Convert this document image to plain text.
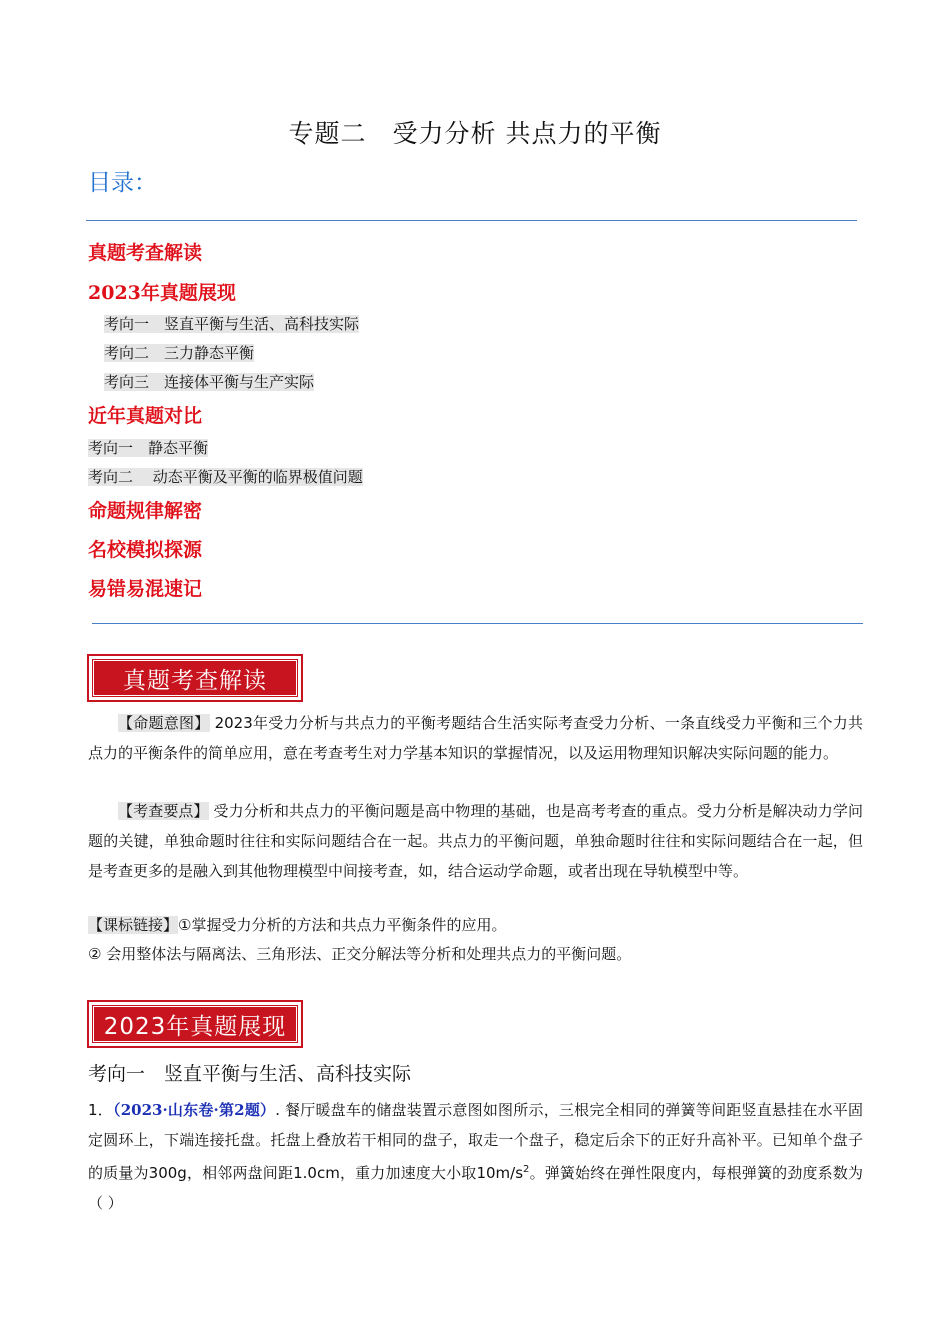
专题二　受力分析 共点力的平衡
目录：
真题考查解读
2023年真题展现
考向一　竖直平衡与生活、高科技实际
考向二　三力静态平衡
考向三　连接体平衡与生产实际
近年真题对比
考向一　静态平衡
考向二　 动态平衡及平衡的临界极值问题
命题规律解密
名校模拟探源
易错易混速记
真题考查解读
【命题意图】 2023年受力分析与共点力的平衡考题结合生活实际考查受力分析、一条直线受力平衡和三个力共点力的平衡条件的简单应用，意在考查考生对力学基本知识的掌握情况，以及运用物理知识解决实际问题的能力。
【考查要点】 受力分析和共点力的平衡问题是高中物理的基础，也是高考考查的重点。受力分析是解决动力学问题的关键，单独命题时往往和实际问题结合在一起。共点力的平衡问题，单独命题时往往和实际问题结合在一起，但是考查更多的是融入到其他物理模型中间接考查，如，结合运动学命题，或者出现在导轨模型中等。
【课标链接】①掌握受力分析的方法和共点力平衡条件的应用。
② 会用整体法与隔离法、三角形法、正交分解法等分析和处理共点力的平衡问题。
2023年真题展现
考向一　竖直平衡与生活、高科技实际
1．（2023·山东卷·第2题）. 餐厅暖盘车的储盘装置示意图如图所示，三根完全相同的弹簧等间距竖直悬挂在水平固定圆环上，下端连接托盘。托盘上叠放若干相同的盘子，取走一个盘子，稳定后余下的正好升高补平。已知单个盘子的质量为300g，相邻两盘间距1.0cm，重力加速度大小取$10m/s^2$。弹簧始终在弹性限度内，每根弹簧的劲度系数为（ ）
